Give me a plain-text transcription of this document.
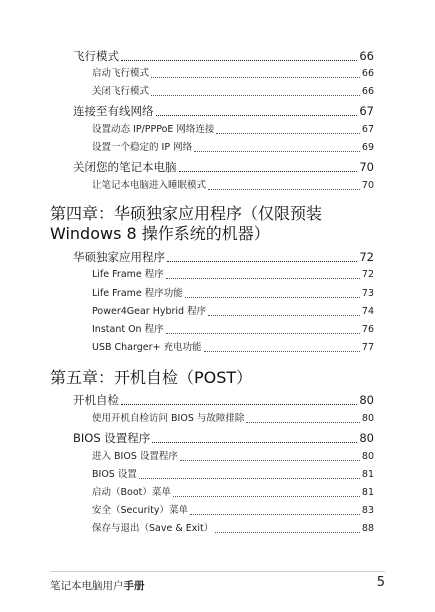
飞行模式	66
启动飞行模式	66
关闭飞行模式	66
连接至有线网络	67
设置动态 IP/PPPoE 网络连接	67
设置一个稳定的 IP 网络	69
关闭您的笔记本电脑	70
让笔记本电脑进入睡眠模式	70
第四章：华硕独家应用程序（仅限预装
Windows 8 操作系统的机器）
华硕独家应用程序	72
Life Frame 程序	72
Life Frame 程序功能	73
Power4Gear Hybrid 程序	74
Instant On 程序	76
USB Charger+ 充电功能	77
第五章：开机自检（POST）
开机自检	80
使用开机自检访问 BIOS 与故障排除	80
BIOS 设置程序	80
进入 BIOS 设置程序	80
BIOS 设置	81
启动（Boot）菜单	81
安全（Security）菜单	83
保存与退出（Save & Exit）	88
笔记本电脑用户手册	5
